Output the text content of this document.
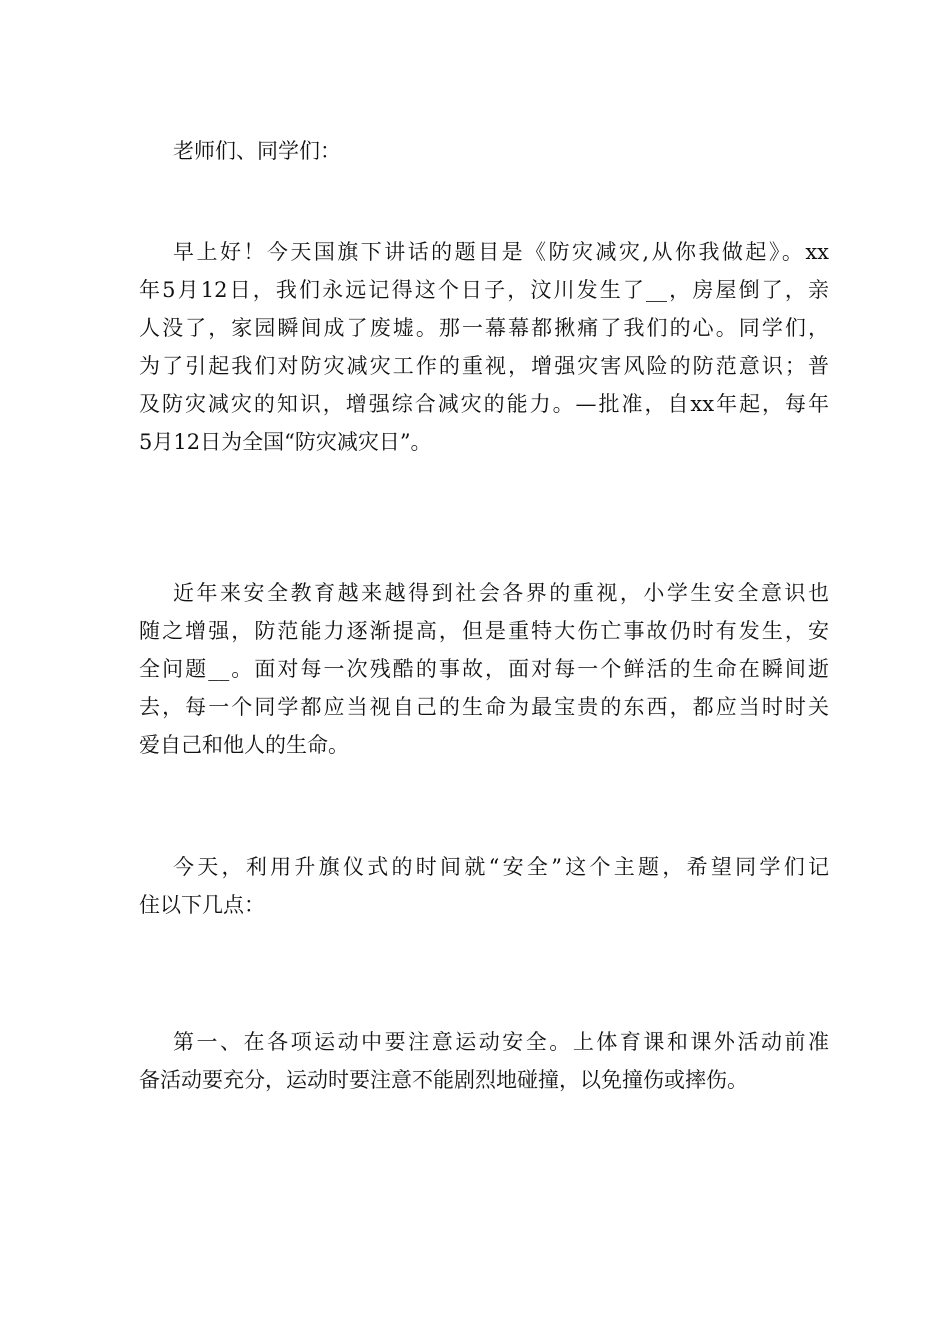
老师们、同学们：
早上好！今天国旗下讲话的题目是《防灾减灾,从你我做起》。xx
年5月12日，我们永远记得这个日子，汶川发生了__，房屋倒了，亲
人没了，家园瞬间成了废墟。那一幕幕都揪痛了我们的心。同学们，
为了引起我们对防灾减灾工作的重视，增强灾害风险的防范意识；普
及防灾减灾的知识，增强综合减灾的能力。—批准，自xx年起，每年
5月12日为全国“防灾减灾日”。
近年来安全教育越来越得到社会各界的重视，小学生安全意识也
随之增强，防范能力逐渐提高，但是重特大伤亡事故仍时有发生，安
全问题__。面对每一次残酷的事故，面对每一个鲜活的生命在瞬间逝
去，每一个同学都应当视自己的生命为最宝贵的东西，都应当时时关
爱自己和他人的生命。
今天，利用升旗仪式的时间就“安全”这个主题，希望同学们记
住以下几点：
第一、在各项运动中要注意运动安全。上体育课和课外活动前准
备活动要充分，运动时要注意不能剧烈地碰撞，以免撞伤或摔伤。
